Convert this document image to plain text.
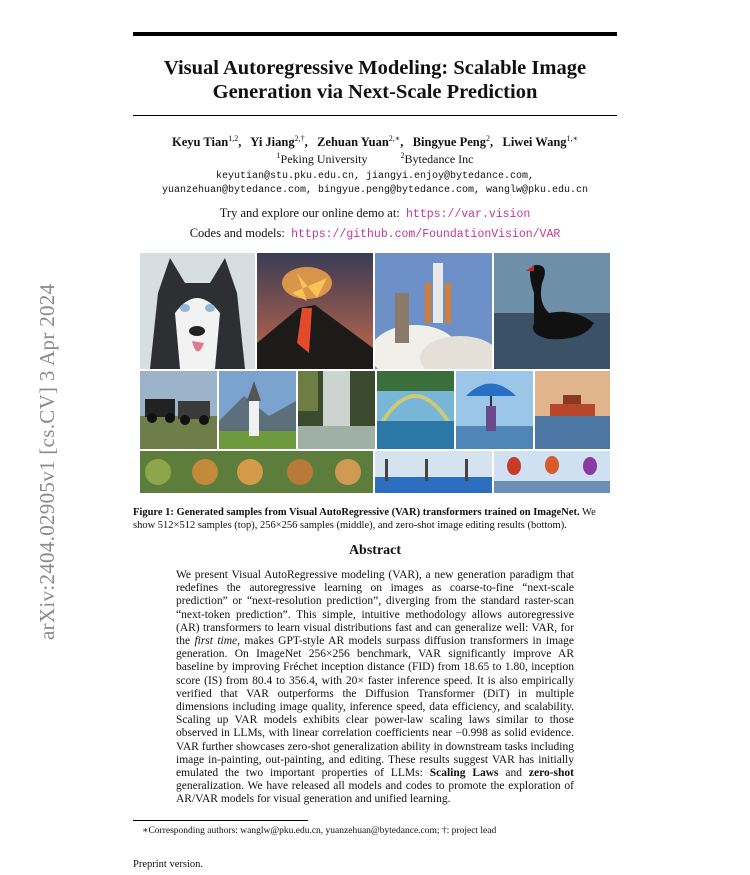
Visual Autoregressive Modeling: Scalable Image
Generation via Next-Scale Prediction
arXiv:2404.02905v1 [cs.CV] 3 Apr 2024
Keyu Tian$^{1,2}$,   Yi Jiang$^{2,\dagger}$,   Zehuan Yuan$^{2,∗}$,   Bingyue Peng$^2$,   Liwei Wang$^{1,∗}$
$^1$Peking University	$^2$Bytedance Inc
keyutian@stu.pku.edu.cn, jiangyi.enjoy@bytedance.com,
yuanzehuan@bytedance.com, bingyue.peng@bytedance.com, wanglw@pku.edu.cn
Try and explore our online demo at: https://var.vision
Codes and models: https://github.com/FoundationVision/VAR
Figure 1: Generated samples from Visual AutoRegressive (VAR) transformers trained on ImageNet. We show 512×512 samples (top), 256×256 samples (middle), and zero-shot image editing results (bottom).
Abstract
We present Visual AutoRegressive modeling (VAR), a new generation paradigm that redefines the autoregressive learning on images as coarse-to-fine “next-scale prediction” or “next-resolution prediction”, diverging from the standard raster-scan “next-token prediction”. This simple, intuitive methodology allows autoregressive (AR) transformers to learn visual distributions fast and can generalize well: VAR, for the first time, makes GPT-style AR models surpass diffusion transformers in image generation. On ImageNet 256×256 benchmark, VAR significantly improve AR baseline by improving Fréchet inception distance (FID) from 18.65 to 1.80, inception score (IS) from 80.4 to 356.4, with 20× faster inference speed. It is also empirically verified that VAR outperforms the Diffusion Transformer (DiT) in multiple dimensions including image quality, inference speed, data efficiency, and scalability. Scaling up VAR models exhibits clear power-law scaling laws similar to those observed in LLMs, with linear correlation coefficients near −0.998 as solid evidence. VAR further showcases zero-shot generalization ability in downstream tasks including image in-painting, out-painting, and editing. These results suggest VAR has initially emulated the two important properties of LLMs: Scaling Laws and zero-shot generalization. We have released all models and codes to promote the exploration of AR/VAR models for visual generation and unified learning.
∗Corresponding authors: wanglw@pku.edu.cn, yuanzehuan@bytedance.com; †: project lead
Preprint version.
